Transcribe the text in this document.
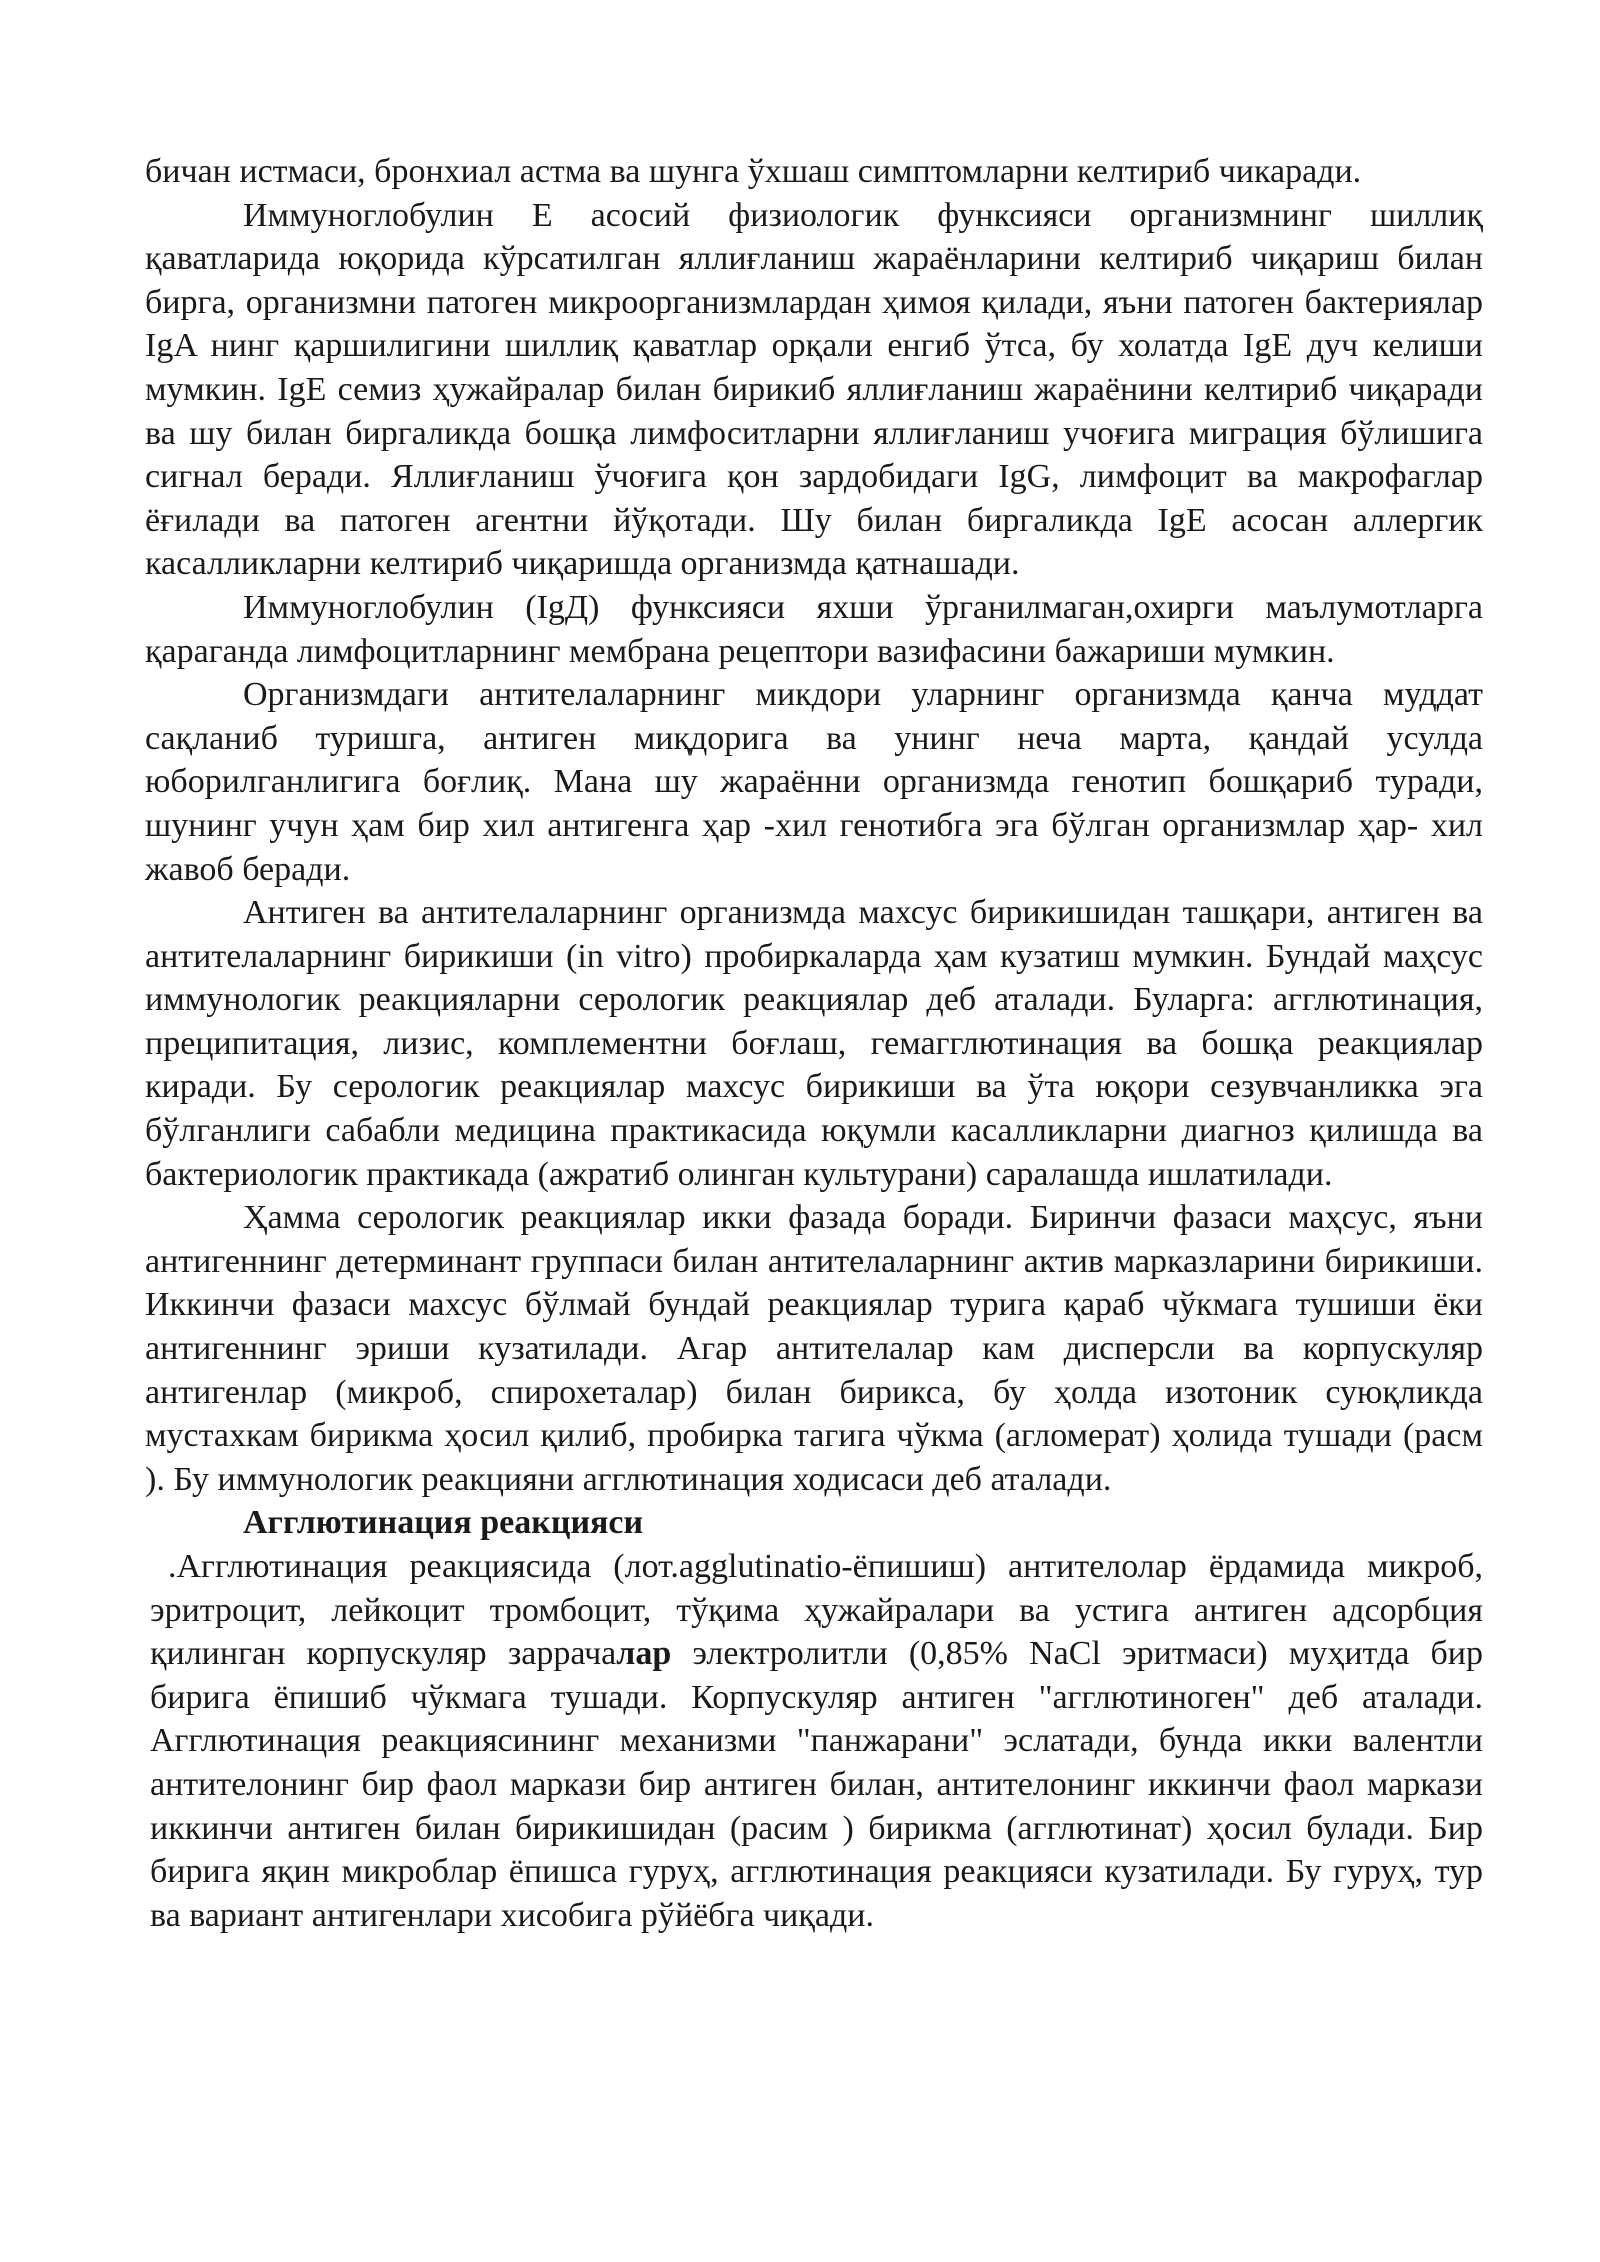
бичан истмаси, бронхиал астма ва шунга ўхшаш симптомларни келтириб чикаради.

Иммуноглобулин Е асосий физиологик функсияси организмнинг шиллиқ қаватларида юқорида кўрсатилган яллиғланиш жараёнларини келтириб чиқариш билан бирга, организмни патоген микроорганизмлардан ҳимоя қилади, яъни патоген бактериялар IgA нинг қаршилигини шиллиқ қаватлар орқали енгиб ўтса, бу холатда IgE дуч келиши мумкин. IgE семиз ҳужайралар билан бирикиб яллиғланиш жараёнини келтириб чиқаради ва шу билан биргаликда бошқа лимфоситларни яллиғланиш учоғига миграция бўлишига сигнал беради. Яллиғланиш ўчоғига қон зардобидаги IgG, лимфоцит ва макрофаглар ёғилади ва патоген агентни йўқотади. Шу билан биргаликда IgE асосан аллергик касалликларни келтириб чиқаришда организмда қатнашади.

Иммуноглобулин (IgД) функсияси яхши ўрганилмаган,охирги маълумотларга қараганда лимфоцитларнинг мембрана рецептори вазифасини бажариши мумкин.

Организмдаги антителаларнинг микдори уларнинг организмда қанча муддат сақланиб туришга, антиген миқдорига ва унинг неча марта, қандай усулда юборилганлигига боғлиқ. Мана шу жараённи организмда генотип бошқариб туради, шунинг учун ҳам бир хил антигенга ҳар -хил генотибга эга бўлган организмлар ҳар- хил жавоб беради.

Антиген ва антителаларнинг организмда махсус бирикишидан ташқари, антиген ва антителаларнинг бирикиши (in vitro) пробиркаларда ҳам кузатиш мумкин. Бундай маҳсус иммунологик реакцияларни серологик реакциялар деб аталади. Буларга: агглютинация, преципитация, лизис, комплементни боғлаш, гемагглютинация ва бошқа реакциялар киради. Бу серологик реакциялар махсус бирикиши ва ўта юқори сезувчанликка эга бўлганлиги сабабли медицина практикасида юқумли касалликларни диагноз қилишда ва бактериологик практикада (ажратиб олинган культурани) саралашда ишлатилади.

Ҳамма серологик реакциялар икки фазада боради. Биринчи фазаси маҳсус, яъни антигеннинг детерминант группаси билан антителаларнинг актив марказларини бирикиши. Иккинчи фазаси махсус бўлмай бундай реакциялар турига қараб чўкмага тушиши ёки антигеннинг эриши кузатилади. Агар антителалар кам дисперсли ва корпускуляр антигенлар (микроб, спирохеталар) билан бирикса, бу ҳолда изотоник суюқликда мустахкам бирикма ҳосил қилиб, пробирка тагига чўкма (агломерат) ҳолида тушади (расм ). Бу иммунологик реакцияни агглютинация ходисаси деб аталади.

Агглютинация реакцияси

.Агглютинация реакциясида (лот.agglutinatio-ёпишиш) антителолар ёрдамида микроб, эритроцит, лейкоцит тромбоцит, тўқима ҳужайралари ва устига антиген адсорбция қилинган корпускуляр заррачалар электролитли (0,85% NaCl эритмаси) муҳитда бир бирига ёпишиб чўкмага тушади. Корпускуляр антиген "агглютиноген" деб аталади. Агглютинация реакциясининг механизми "панжарани" эслатади, бунда икки валентли антителонинг бир фаол маркази бир антиген билан, антителонинг иккинчи фаол маркази иккинчи антиген билан бирикишидан (расим ) бирикма (агглютинат) ҳосил булади. Бир бирига яқин микроблар ёпишса гуруҳ, агглютинация реакцияси кузатилади. Бу гуруҳ, тур ва вариант антигенлари хисобига рўйёбга чиқади.
